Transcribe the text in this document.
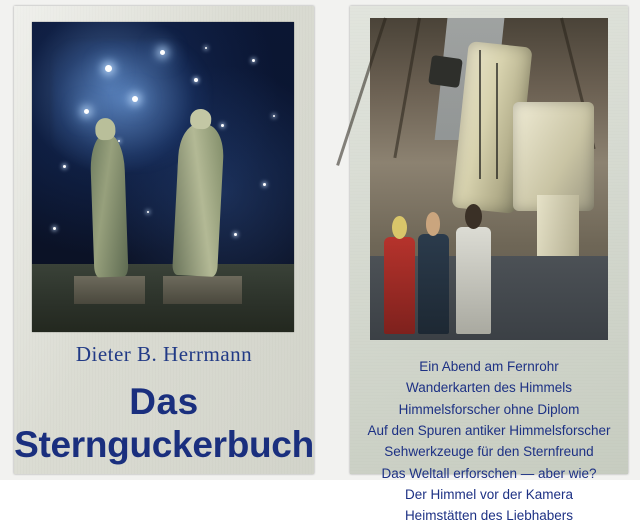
Dieter B. Herrmann
Das
Sternguckerbuch
Ein Abend am Fernrohr
Wanderkarten des Himmels
Himmelsforscher ohne Diplom
Auf den Spuren antiker Himmelsforscher
Sehwerkzeuge für den Sternfreund
Das Weltall erforschen — aber wie?
Der Himmel vor der Kamera
Heimstätten des Liebhabers
